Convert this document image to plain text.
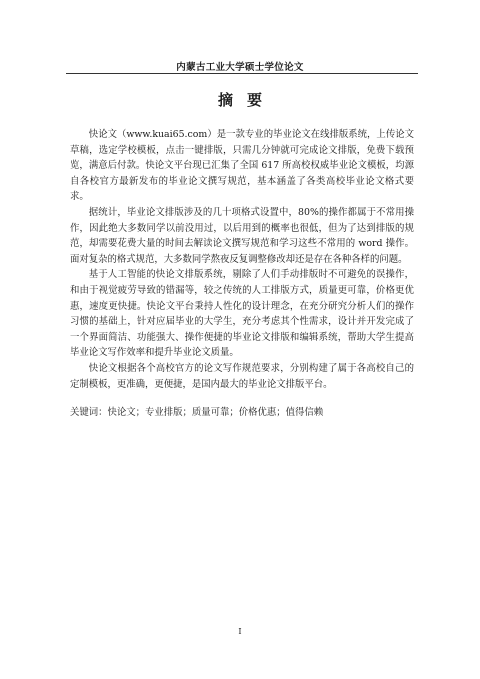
内蒙古工业大学硕士学位论文
摘要

快论文（www.kuai65.com）是一款专业的毕业论文在线排版系统，上传论文草稿，选定学校模板，点击一键排版，只需几分钟就可完成论文排版，免费下载预览，满意后付款。快论文平台现已汇集了全国 617 所高校权威毕业论文模板，均源自各校官方最新发布的毕业论文撰写规范，基本涵盖了各类高校毕业论文格式要求。

据统计，毕业论文排版涉及的几十项格式设置中，80%的操作都属于不常用操作，因此绝大多数同学以前没用过，以后用到的概率也很低，但为了达到排版的规范，却需要花费大量的时间去解读论文撰写规范和学习这些不常用的 word 操作。面对复杂的格式规范，大多数同学熬夜反复调整修改却还是存在各种各样的问题。

基于人工智能的快论文排版系统，剔除了人们手动排版时不可避免的误操作，和由于视觉疲劳导致的错漏等，较之传统的人工排版方式，质量更可靠，价格更优惠，速度更快捷。快论文平台秉持人性化的设计理念，在充分研究分析人们的操作习惯的基础上，针对应届毕业的大学生，充分考虑其个性需求，设计并开发完成了一个界面简洁、功能强大、操作便捷的毕业论文排版和编辑系统，帮助大学生提高毕业论文写作效率和提升毕业论文质量。

快论文根据各个高校官方的论文写作规范要求，分别构建了属于各高校自己的定制模板，更准确，更便捷，是国内最大的毕业论文排版平台。

关键词：快论文；专业排版；质量可靠；价格优惠；值得信赖

I
